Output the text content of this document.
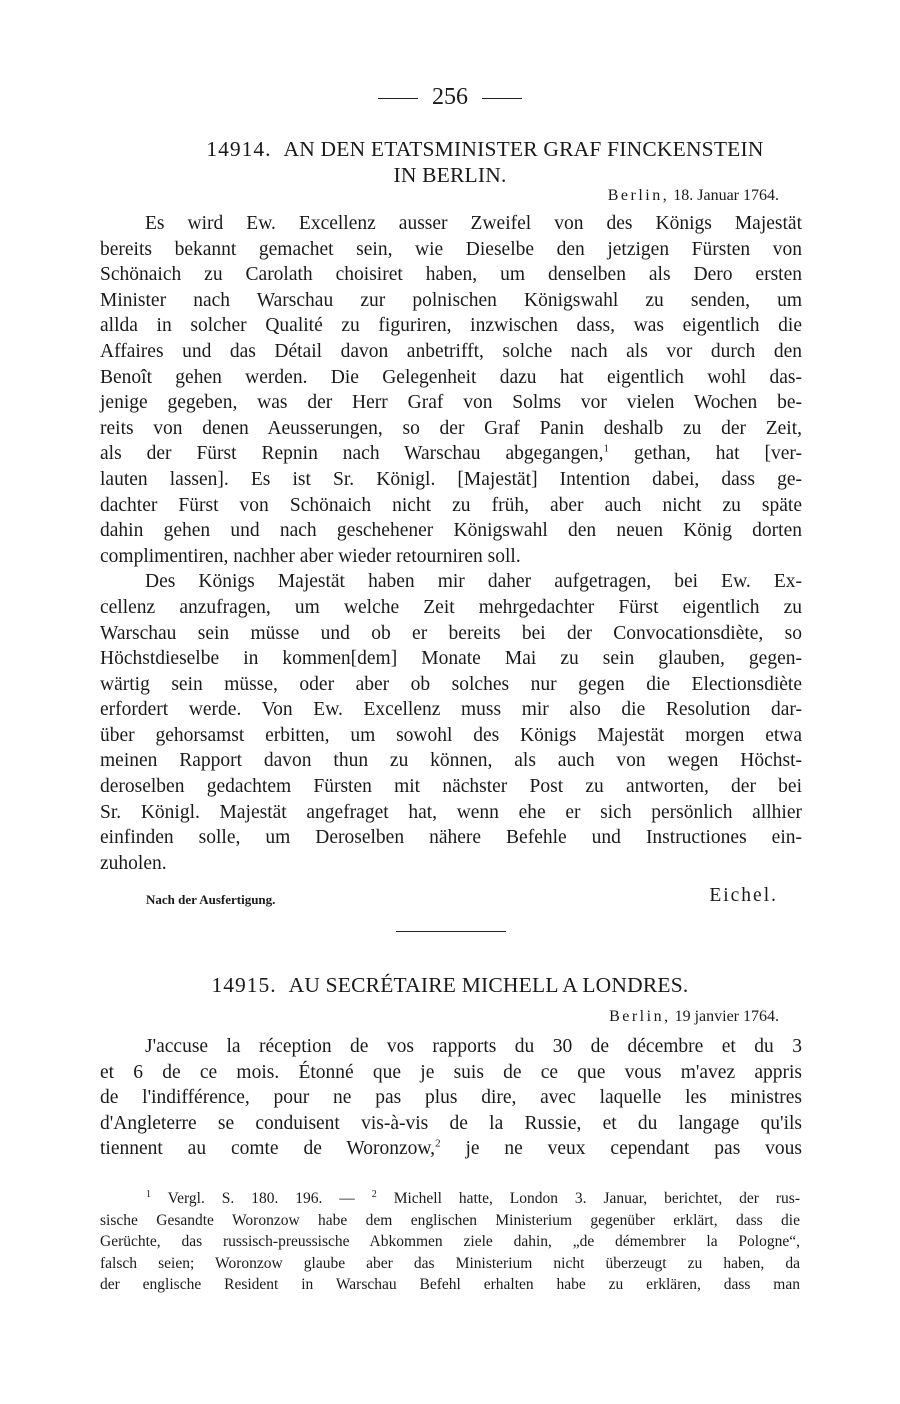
256
14914. AN DEN ETATSMINISTER GRAF FINCKENSTEIN
IN BERLIN.
Berlin, 18. Januar 1764.
Es wird Ew. Excellenz ausser Zweifel von des Königs Majestät
bereits bekannt gemachet sein, wie Dieselbe den jetzigen Fürsten von
Schönaich zu Carolath choisiret haben, um denselben als Dero ersten
Minister nach Warschau zur polnischen Königswahl zu senden, um
allda in solcher Qualité zu figuriren, inzwischen dass, was eigentlich die
Affaires und das Détail davon anbetrifft, solche nach als vor durch den
Benoît gehen werden. Die Gelegenheit dazu hat eigentlich wohl das-
jenige gegeben, was der Herr Graf von Solms vor vielen Wochen be-
reits von denen Aeusserungen, so der Graf Panin deshalb zu der Zeit,
als der Fürst Repnin nach Warschau abgegangen,$^1$ gethan, hat [ver-
lauten lassen]. Es ist Sr. Königl. [Majestät] Intention dabei, dass ge-
dachter Fürst von Schönaich nicht zu früh, aber auch nicht zu späte
dahin gehen und nach geschehener Königswahl den neuen König dorten
complimentiren, nachher aber wieder retourniren soll.
Des Königs Majestät haben mir daher aufgetragen, bei Ew. Ex-
cellenz anzufragen, um welche Zeit mehrgedachter Fürst eigentlich zu
Warschau sein müsse und ob er bereits bei der Convocationsdiète, so
Höchstdieselbe in kommen[dem] Monate Mai zu sein glauben, gegen-
wärtig sein müsse, oder aber ob solches nur gegen die Electionsdiète
erfordert werde. Von Ew. Excellenz muss mir also die Resolution dar-
über gehorsamst erbitten, um sowohl des Königs Majestät morgen etwa
meinen Rapport davon thun zu können, als auch von wegen Höchst-
deroselben gedachtem Fürsten mit nächster Post zu antworten, der bei
Sr. Königl. Majestät angefraget hat, wenn ehe er sich persönlich allhier
einfinden solle, um Deroselben nähere Befehle und Instructiones ein-
zuholen.
Nach der Ausfertigung.	Eichel.
14915. AU SECRÉTAIRE MICHELL A LONDRES.
Berlin, 19 janvier 1764.
J'accuse la réception de vos rapports du 30 de décembre et du 3
et 6 de ce mois. Étonné que je suis de ce que vous m'avez appris
de l'indifférence, pour ne pas plus dire, avec laquelle les ministres
d'Angleterre se conduisent vis-à-vis de la Russie, et du langage qu'ils
tiennent au comte de Woronzow,$^2$ je ne veux cependant pas vous
$^1$ Vergl. S. 180. 196. — $^2$ Michell hatte, London 3. Januar, berichtet, der rus-
sische Gesandte Woronzow habe dem englischen Ministerium gegenüber erklärt, dass die
Gerüchte, das russisch-preussische Abkommen ziele dahin, „de démembrer la Pologne“,
falsch seien; Woronzow glaube aber das Ministerium nicht überzeugt zu haben, da
der englische Resident in Warschau Befehl erhalten habe zu erklären, dass man
